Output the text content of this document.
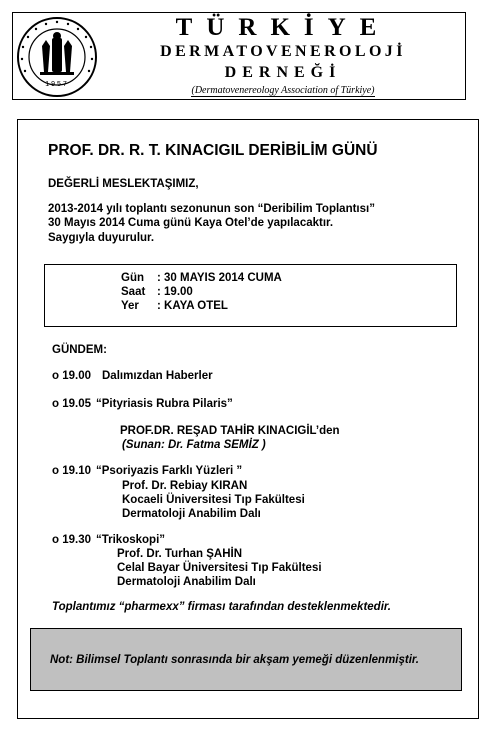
1957
TÜRKİYE
DERMATOVENEROLOJİ
DERNEĞİ
(Dermatovenereology Association of Türkiye)
PROF. DR. R. T. KINACIGIL DERİBİLİM GÜNÜ
DEĞERLİ MESLEKTAŞIMIZ,
2013-2014 yılı toplantı sezonunun son “Deribilim Toplantısı”
30 Mayıs 2014 Cuma günü Kaya Otel’de yapılacaktır.
Saygıyla duyurulur.
Gün : 30 MAYIS 2014 CUMA
Saat : 19.00
Yer : KAYA OTEL
GÜNDEM:
o 19.00 Dalımızdan Haberler
o 19.05 “Pityriasis Rubra Pilaris”
PROF.DR. REŞAD TAHİR KINACIGİL’den
(Sunan: Dr. Fatma SEMİZ )
o 19.10 “Psoriyazis Farklı Yüzleri ”
Prof. Dr. Rebiay KIRAN
Kocaeli Üniversitesi Tıp Fakültesi
Dermatoloji Anabilim Dalı
o 19.30 “Trikoskopi”
Prof. Dr. Turhan ŞAHİN
Celal Bayar Üniversitesi Tıp Fakültesi
Dermatoloji Anabilim Dalı
Toplantımız “pharmexx” firması tarafından desteklenmektedir.
Not: Bilimsel Toplantı sonrasında bir akşam yemeği düzenlenmiştir.
